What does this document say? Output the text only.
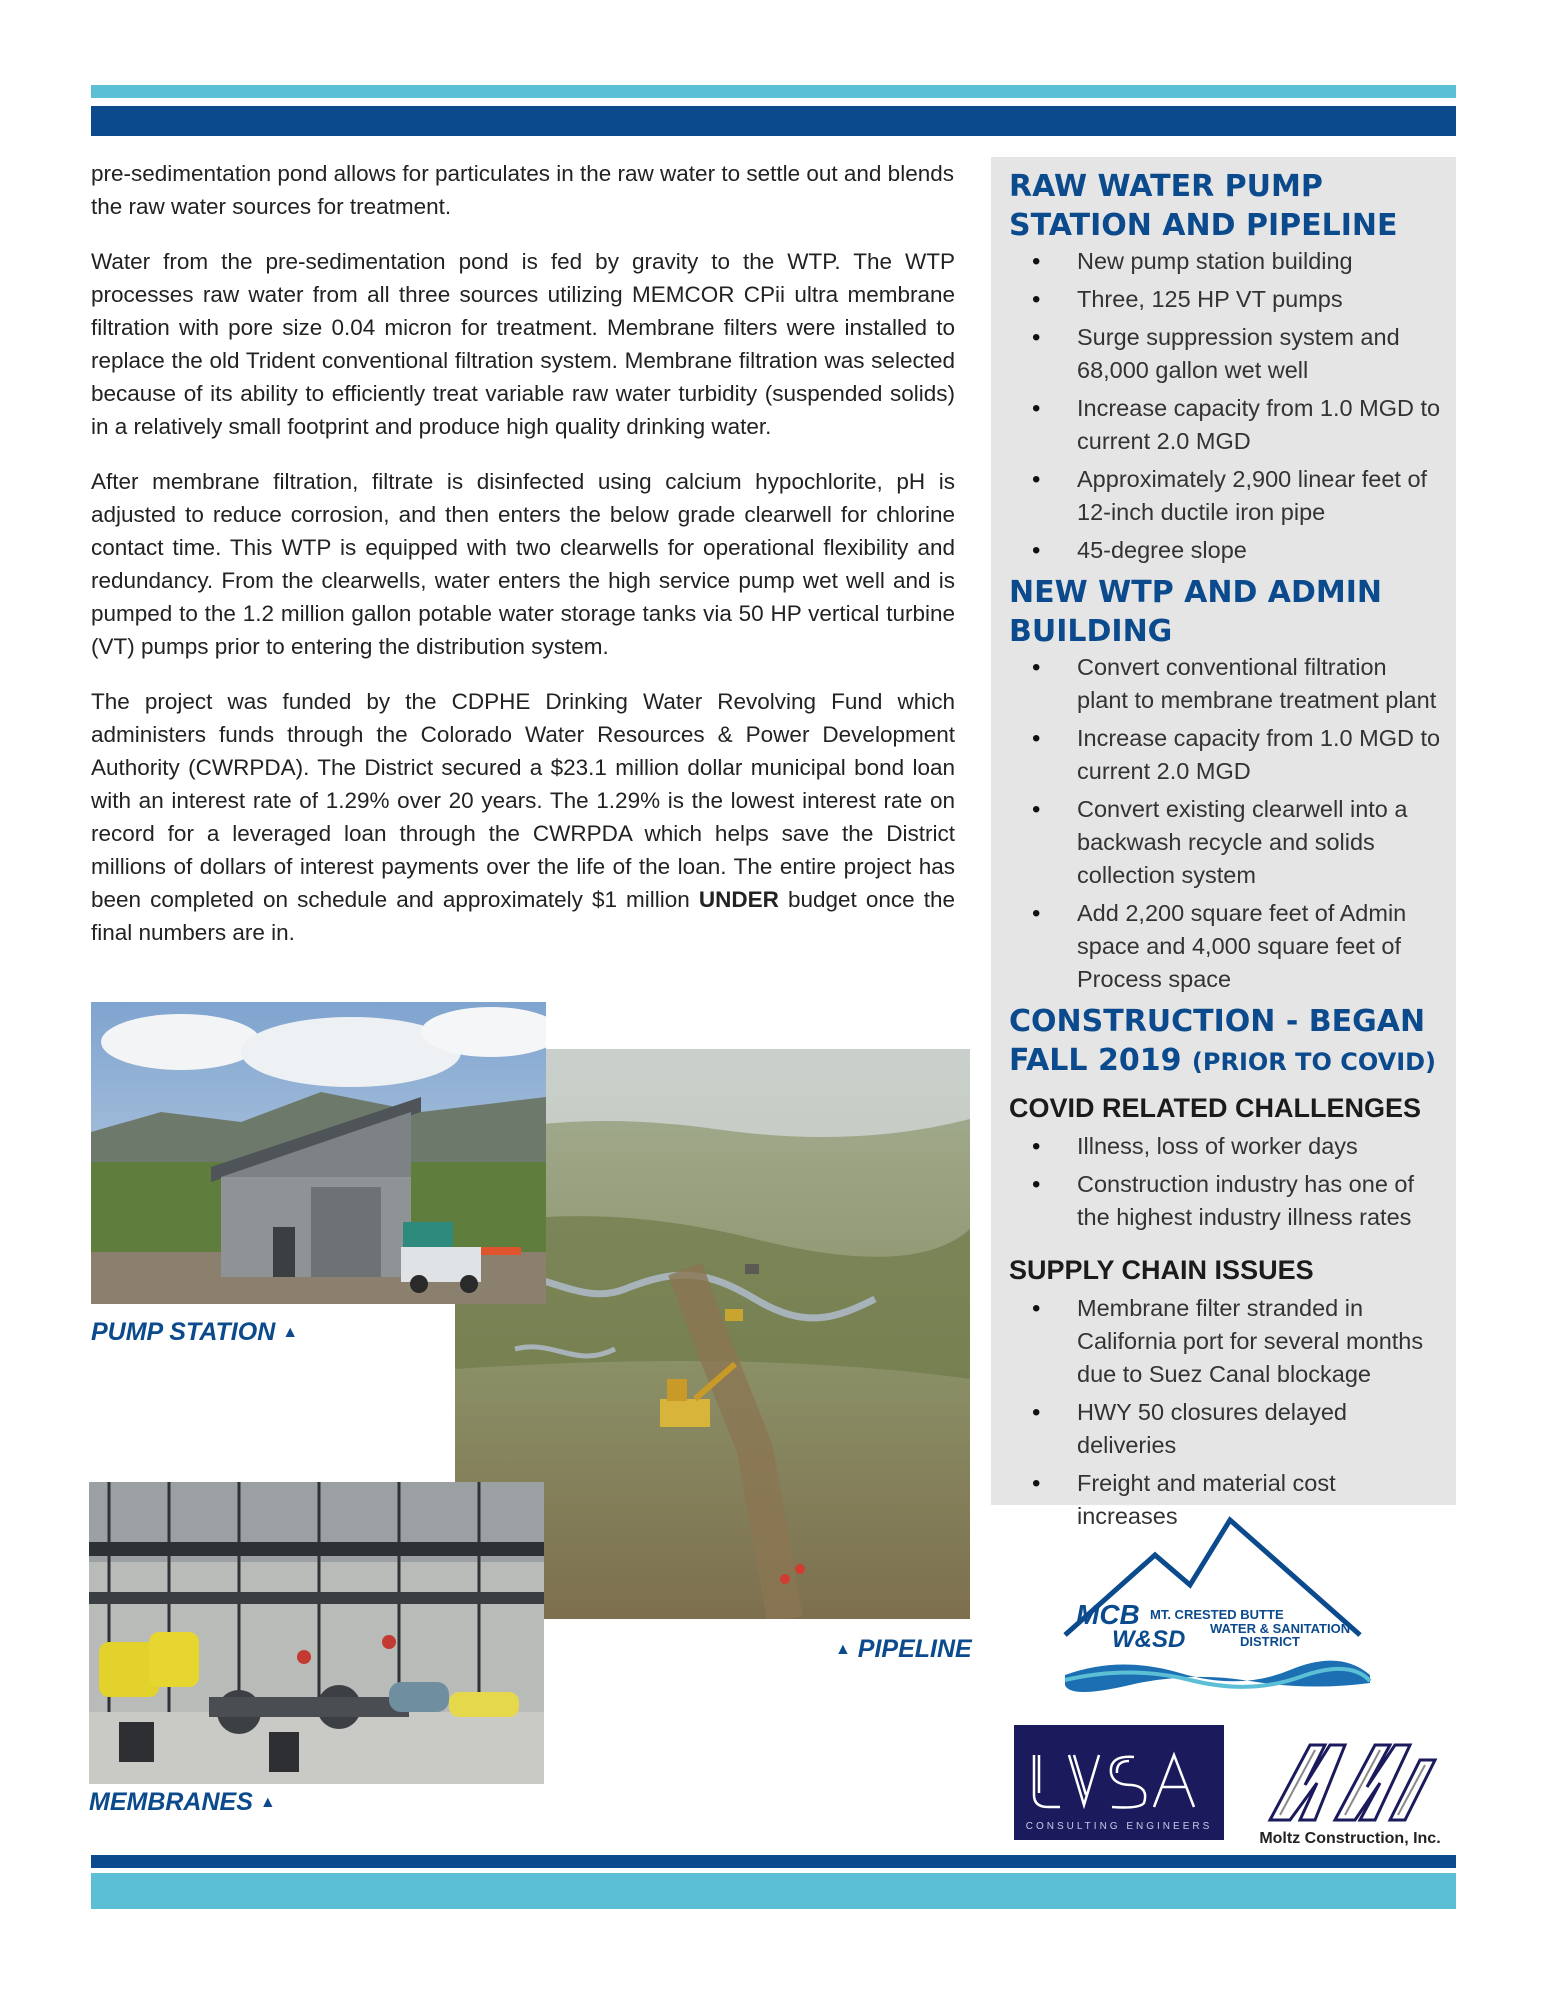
pre-sedimentation pond allows for particulates in the raw water to settle out and blends the raw water sources for treatment.

Water from the pre-sedimentation pond is fed by gravity to the WTP. The WTP processes raw water from all three sources utilizing MEMCOR CPii ultra membrane filtration with pore size 0.04 micron for treatment. Membrane filters were installed to replace the old Trident conventional filtration system. Membrane filtration was selected because of its ability to efficiently treat variable raw water turbidity (suspended solids) in a relatively small footprint and produce high quality drinking water.

After membrane filtration, filtrate is disinfected using calcium hypochlorite, pH is adjusted to reduce corrosion, and then enters the below grade clearwell for chlorine contact time. This WTP is equipped with two clearwells for operational flexibility and redundancy. From the clearwells, water enters the high service pump wet well and is pumped to the 1.2 million gallon potable water storage tanks via 50 HP vertical turbine (VT) pumps prior to entering the distribution system.

The project was funded by the CDPHE Drinking Water Revolving Fund which administers funds through the Colorado Water Resources & Power Development Authority (CWRPDA). The District secured a $23.1 million dollar municipal bond loan with an interest rate of 1.29% over 20 years. The 1.29% is the lowest interest rate on record for a leveraged loan through the CWRPDA which helps save the District millions of dollars of interest payments over the life of the loan. The entire project has been completed on schedule and approximately $1 million UNDER budget once the final numbers are in.

RAW WATER PUMP STATION AND PIPELINE
• New pump station building
• Three, 125 HP VT pumps
• Surge suppression system and 68,000 gallon wet well
• Increase capacity from 1.0 MGD to current 2.0 MGD
• Approximately 2,900 linear feet of 12-inch ductile iron pipe
• 45-degree slope
NEW WTP AND ADMIN BUILDING
• Convert conventional filtration plant to membrane treatment plant
• Increase capacity from 1.0 MGD to current 2.0 MGD
• Convert existing clearwell into a backwash recycle and solids collection system
• Add 2,200 square feet of Admin space and 4,000 square feet of Process space
CONSTRUCTION - BEGAN FALL 2019 (PRIOR TO COVID)
COVID RELATED CHALLENGES
• Illness, loss of worker days
• Construction industry has one of the highest industry illness rates
SUPPLY CHAIN ISSUES
• Membrane filter stranded in California port for several months due to Suez Canal blockage
• HWY 50 closures delayed deliveries
• Freight and material cost increases
PUMP STATION ▲
▲ PIPELINE
MEMBRANES ▲
MCB
W&SD
MT. CRESTED BUTTE
WATER & SANITATION
DISTRICT
CONSULTING ENGINEERS
Moltz Construction, Inc.
